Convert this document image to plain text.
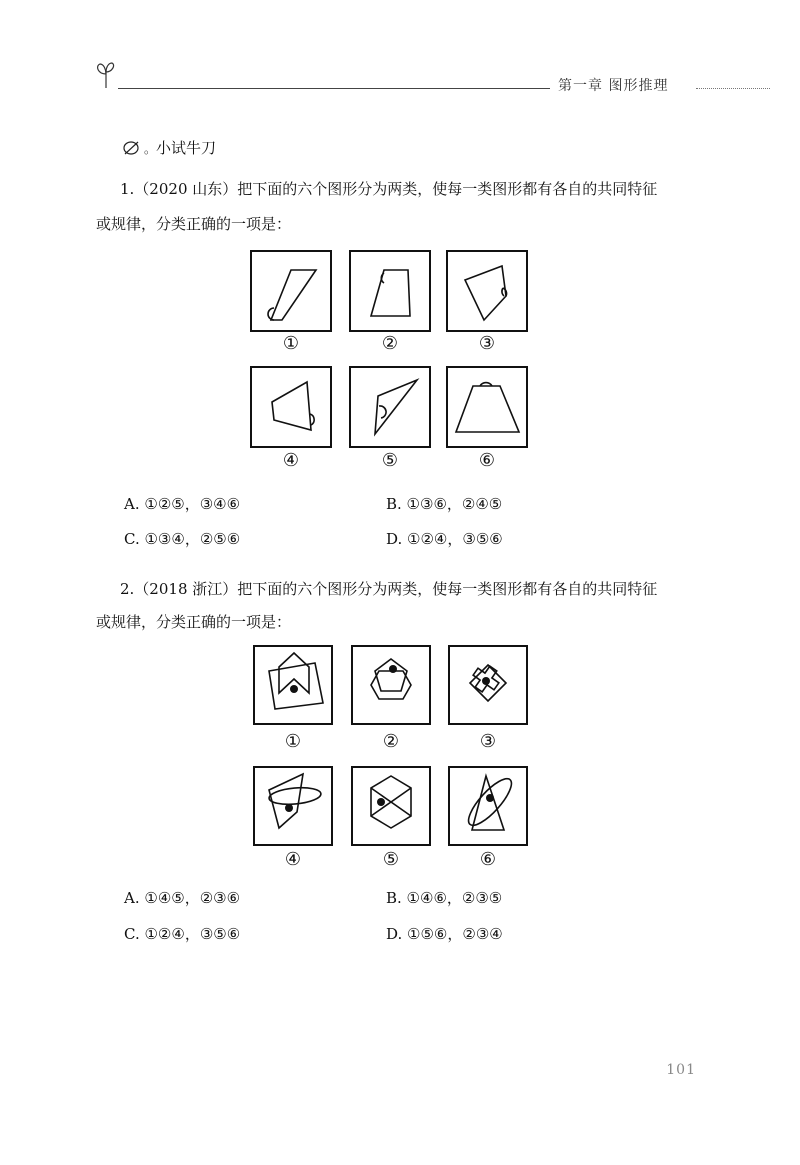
第一章 图形推理
。小试牛刀
1.（2020 山东）把下面的六个图形分为两类，使每一类图形都有各自的共同特征
或规律，分类正确的一项是：
①	②	③
④	⑤	⑥
A. ①②⑤，③④⑥	B. ①③⑥，②④⑤
C. ①③④，②⑤⑥	D. ①②④，③⑤⑥
2.（2018 浙江）把下面的六个图形分为两类，使每一类图形都有各自的共同特征
或规律，分类正确的一项是：
①	②	③
④	⑤	⑥
A. ①④⑤，②③⑥	B. ①④⑥，②③⑤
C. ①②④，③⑤⑥	D. ①⑤⑥，②③④
101
